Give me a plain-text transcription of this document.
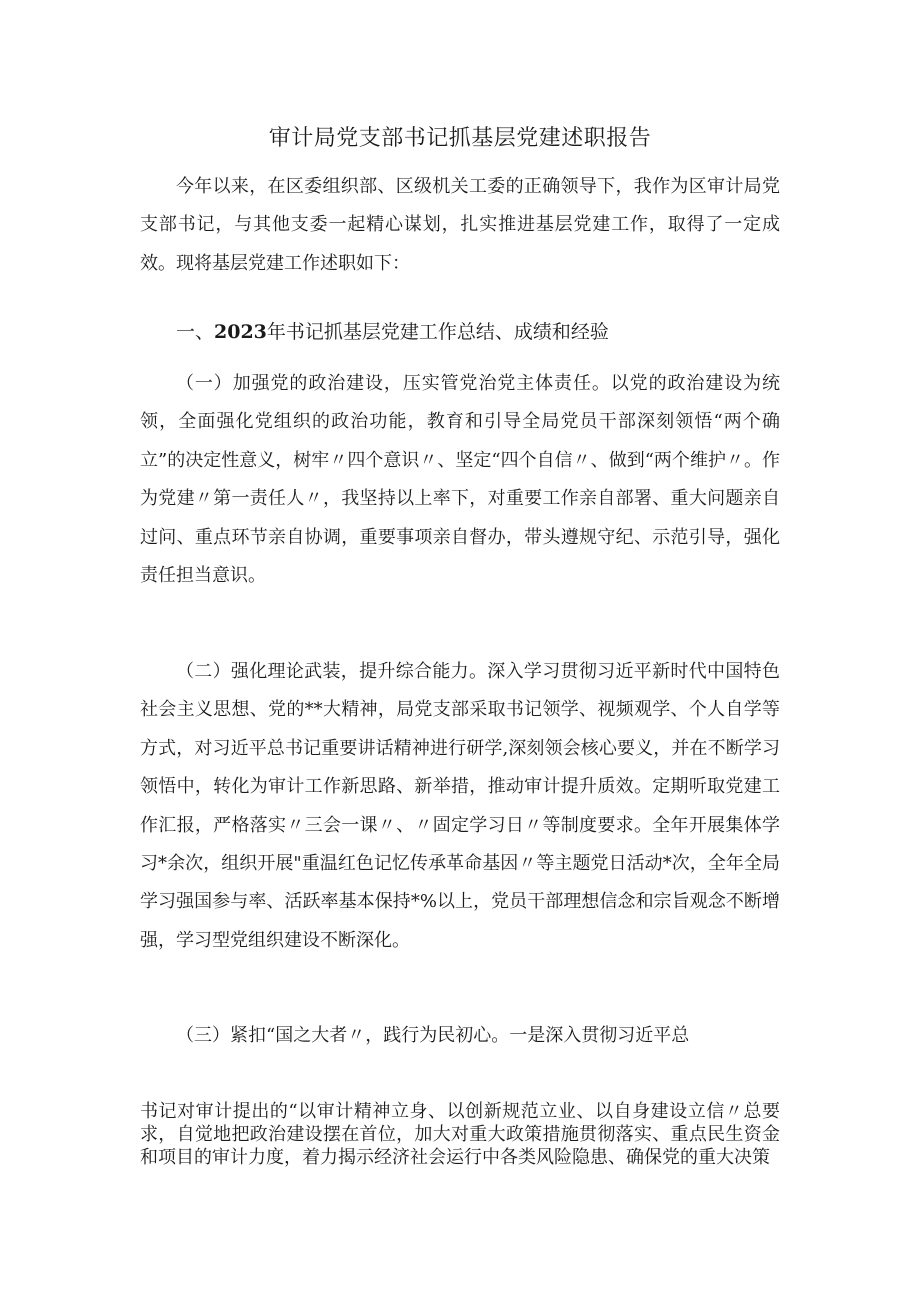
审计局党支部书记抓基层党建述职报告

今年以来，在区委组织部、区级机关工委的正确领导下，我作为区审计局党支部书记，与其他支委一起精心谋划，扎实推进基层党建工作，取得了一定成效。现将基层党建工作述职如下：

一、2023年书记抓基层党建工作总结、成绩和经验

（一）加强党的政治建设，压实管党治党主体责任。以党的政治建设为统领，全面强化党组织的政治功能，教育和引导全局党员干部深刻领悟“两个确立”的决定性意义，树牢〃四个意识〃、坚定“四个自信〃、做到“两个维护〃。作为党建〃第一责任人〃，我坚持以上率下，对重要工作亲自部署、重大问题亲自过问、重点环节亲自协调，重要事项亲自督办，带头遵规守纪、示范引导，强化责任担当意识。

（二）强化理论武装，提升综合能力。深入学习贯彻习近平新时代中国特色社会主义思想、党的**大精神，局党支部采取书记领学、视频观学、个人自学等方式，对习近平总书记重要讲话精神进行研学,深刻领会核心要义，并在不断学习领悟中，转化为审计工作新思路、新举措，推动审计提升质效。定期听取党建工作汇报，严格落实〃三会一课〃、〃固定学习日〃等制度要求。全年开展集体学习*余次，组织开展"重温红色记忆传承革命基因〃等主题党日活动*次，全年全局学习强国参与率、活跃率基本保持*%以上，党员干部理想信念和宗旨观念不断增强，学习型党组织建设不断深化。

（三）紧扣“国之大者〃，践行为民初心。一是深入贯彻习近平总

书记对审计提出的“以审计精神立身、以创新规范立业、以自身建设立信〃总要求，自觉地把政治建设摆在首位，加大对重大政策措施贯彻落实、重点民生资金和项目的审计力度，着力揭示经济社会运行中各类风险隐患、确保党的重大决策
